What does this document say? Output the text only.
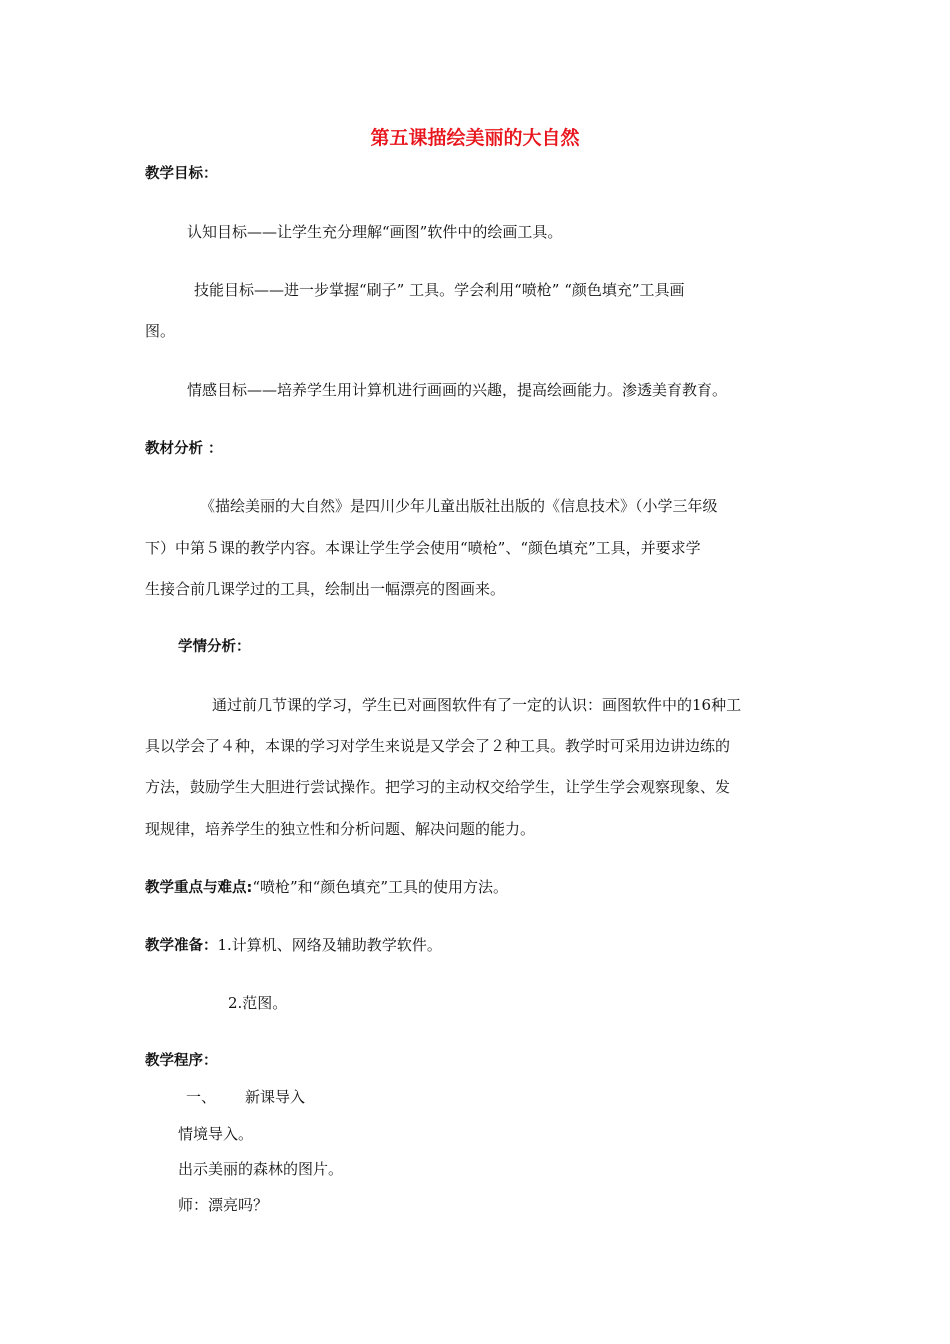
第五课描绘美丽的大自然
教学目标：
认知目标——让学生充分理解“画图”软件中的绘画工具。
技能目标——进一步掌握“刷子” 工具。学会利用“喷枪” “颜色填充”工具画
图。
情感目标——培养学生用计算机进行画画的兴趣，提高绘画能力。渗透美育教育。
教材分析 ：
《描绘美丽的大自然》是四川少年儿童出版社出版的《信息技术》（小学三年级
下）中第５课的教学内容。本课让学生学会使用“喷枪”、“颜色填充”工具，并要求学
生接合前几课学过的工具，绘制出一幅漂亮的图画来。
学情分析：
通过前几节课的学习，学生已对画图软件有了一定的认识：画图软件中的16种工
具以学会了４种，本课的学习对学生来说是又学会了２种工具。教学时可采用边讲边练的
方法，鼓励学生大胆进行尝试操作。把学习的主动权交给学生，让学生学会观察现象、发
现规律，培养学生的独立性和分析问题、解决问题的能力。
教学重点与难点:“喷枪”和“颜色填充”工具的使用方法。
教学准备：1.计算机、网络及辅助教学软件。
2.范图。
教学程序：
一、 新课导入
情境导入。
出示美丽的森林的图片。
师：漂亮吗？
